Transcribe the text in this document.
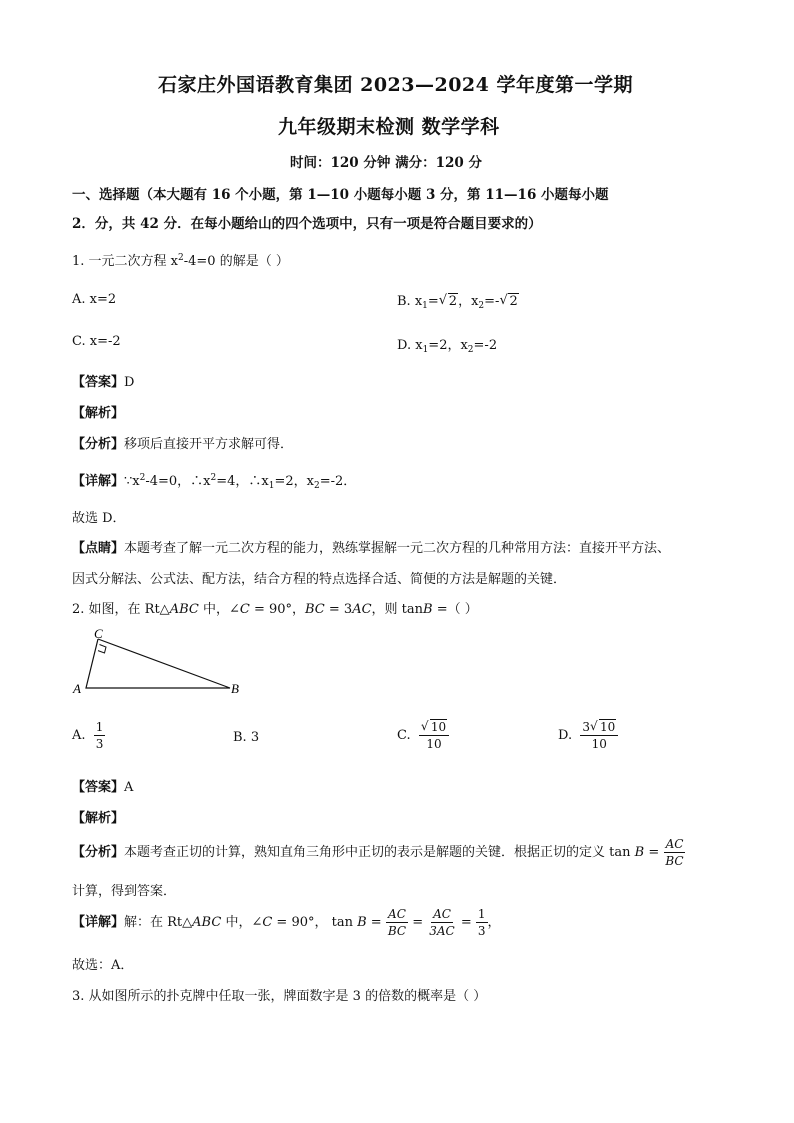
石家庄外国语教育集团 2023—2024 学年度第一学期
九年级期末检测 数学学科
时间：120 分钟 满分：120 分
一、选择题（本大题有 16 个小题，第 1—10 小题每小题 3 分，第 11—16 小题每小题
2．分，共 42 分．在每小题给山的四个选项中，只有一项是符合题目要求的）
1. 一元二次方程 $x^2-4=0$ 的解是（ ）
A. x=2	B. $x_1=√$ 2，$x_2=-√$ 2
C. x=-2	D. $x_1=2$，$x_2=-2$
【答案】D
【解析】
【分析】移项后直接开平方求解可得．
【详解】$\because x^2-4=0$，$\therefore x^2=4$，$\therefore x_1=2$，$x_2=-2$．
故选 D．
【点睛】本题考查了解一元二次方程的能力，熟练掌握解一元二次方程的几种常用方法：直接开平方法、
因式分解法、公式法、配方法，结合方程的特点选择合适、简便的方法是解题的关键．
2. 如图，在 Rt△ABC 中，∠C = 90°，BC = 3AC，则 tanB =（ ）
C
A	B
A. $\frac{1}{3}$	B. 3	C.
√ $\frac{10}{10}$	D. $\frac{3√ 10}{10}$
【答案】A
【解析】
【分析】本题考查正切的计算，熟知直角三角形中正切的表示是解题的关键．根据正切的定义 $\tan B = \frac{AC}{BC}$
计算，得到答案．
【详解】解：在 Rt△ABC 中，∠C = 90°， $\tan B = \frac{AC}{BC} = \frac{AC}{3AC} = \frac{1}{3}$ ，
故选：A．
3. 从如图所示的扑克牌中任取一张，牌面数字是 3 的倍数的概率是（ ）
